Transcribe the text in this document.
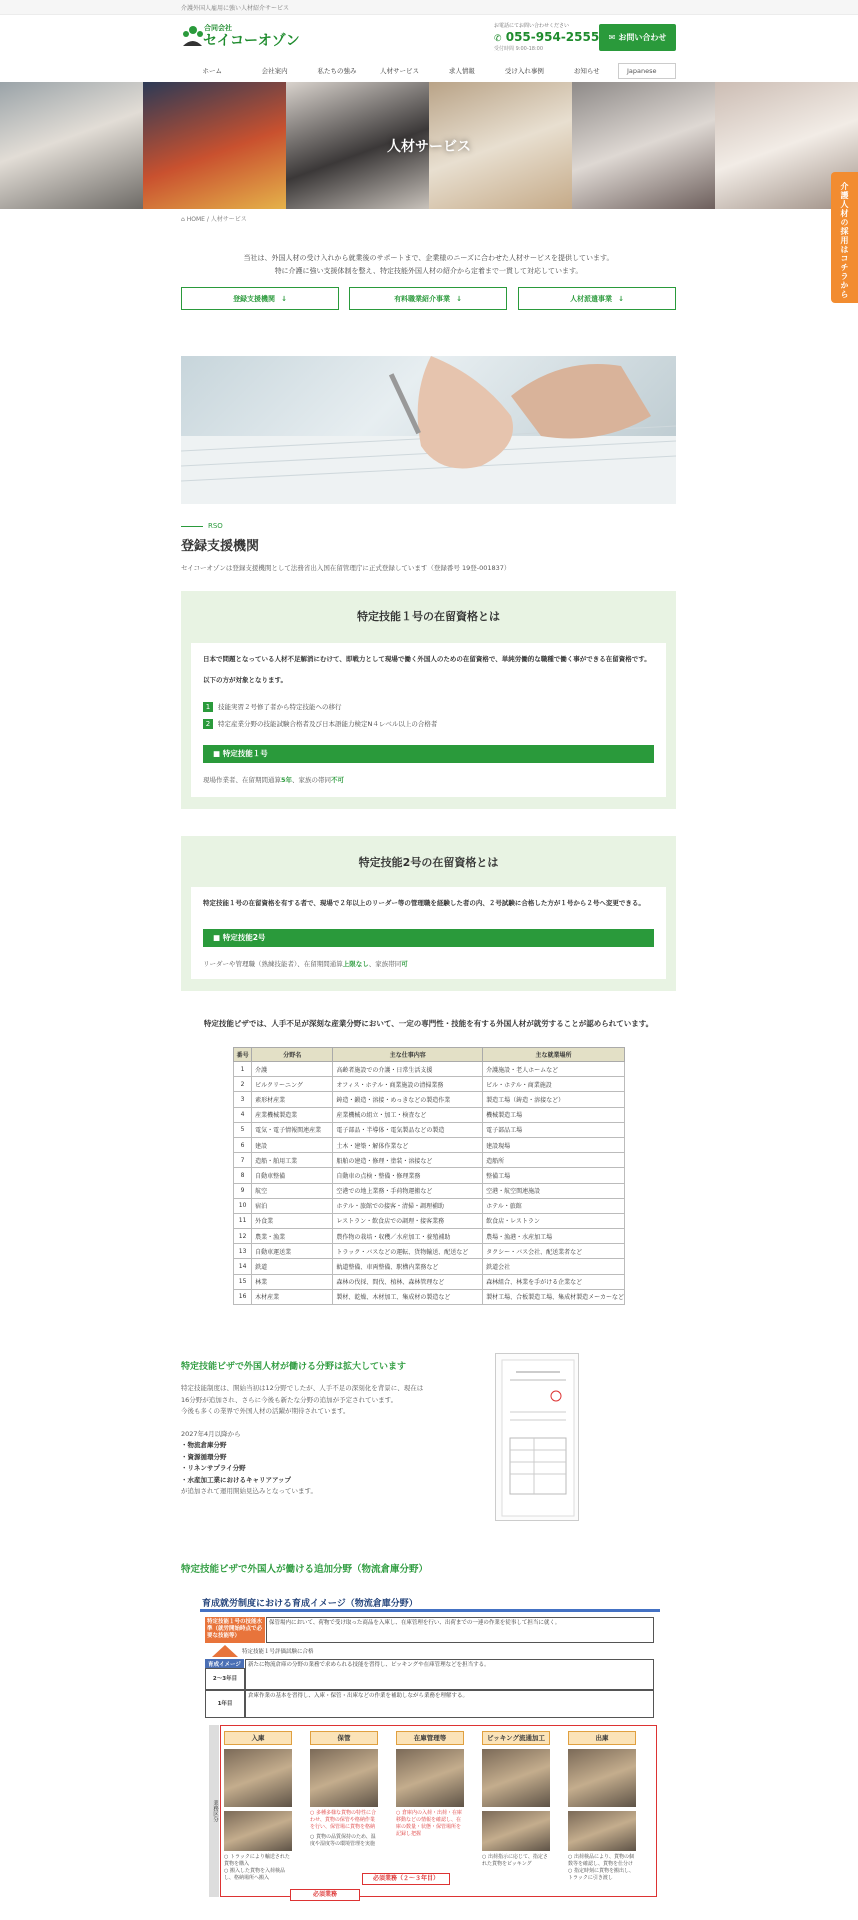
介護外国人雇用に強い人材紹介サービス
合同会社
セイコーオゾン
お電話にてお問い合わせください
✆ 055-954-2555
受付時間 9:00-18:00
✉ お問い合わせ
ホーム	会社案内	私たちの強み	人材サービス	求人情報	受け入れ事例	お知らせ	Japanese
人材サービス
介護人材の採用はコチラから
⌂ HOME / 人材サービス
当社は、外国人材の受け入れから就業後のサポートまで、企業様のニーズに合わせた人材サービスを提供しています。
特に介護に強い支援体制を整え、特定技能外国人材の紹介から定着まで一貫して対応しています。
登録支援機関 ↓	有料職業紹介事業 ↓	人材派遣事業 ↓
RSO
登録支援機関
セイコーオゾンは登録支援機関として法務省出入国在留管理庁に正式登録しています（登録番号 19登-001837）
特定技能１号の在留資格とは
日本で問題となっている人材不足解消にむけて、即戦力として現場で働く外国人のための在留資格で、単純労働的な職種で働く事ができる在留資格です。
以下の方が対象となります。
1 技能実習２号修了者から特定技能への移行
2 特定産業分野の技能試験合格者及び日本語能力検定N４レベル以上の合格者
■ 特定技能１号
現場作業者、在留期間通算5年、家族の帯同不可
特定技能2号の在留資格とは
特定技能１号の在留資格を有する者で、現場で２年以上のリーダー等の管理職を経験した者の内、２号試験に合格した方が１号から２号へ変更できる。
■ 特定技能2号
リーダーや管理職（熟練技能者）、在留期間通算上限なし、家族帯同可
特定技能ビザでは、人手不足が深刻な産業分野において、一定の専門性・技能を有する外国人材が就労することが認められています。
番号	分野名	主な仕事内容	主な就業場所
1	介護	高齢者施設での介護・日常生活支援	介護施設・老人ホームなど
2	ビルクリーニング	オフィス・ホテル・商業施設の清掃業務	ビル・ホテル・商業施設
3	素形材産業	鋳造・鍛造・溶接・めっきなどの製造作業	製造工場（鋳造・溶接など）
4	産業機械製造業	産業機械の組立・加工・検査など	機械製造工場
5	電気・電子情報関連産業	電子部品・半導体・電気製品などの製造	電子部品工場
6	建設	土木・建築・解体作業など	建設現場
7	造船・舶用工業	船舶の建造・修理・塗装・溶接など	造船所
8	自動車整備	自動車の点検・整備・修理業務	整備工場
9	航空	空港での地上業務・手荷物運搬など	空港・航空関連施設
10	宿泊	ホテル・旅館での接客・清掃・調理補助	ホテル・旅館
11	外食業	レストラン・飲食店での調理・接客業務	飲食店・レストラン
12	農業・漁業	農作物の栽培・収穫／水産加工・養殖補助	農場・漁港・水産加工場
13	自動車運送業	トラック・バスなどの運転、貨物輸送、配送など	タクシー・バス会社、配送業者など
14	鉄道	軌道整備、車両整備、駅構内業務など	鉄道会社
15	林業	森林の伐採、間伐、植林、森林管理など	森林組合、林業を手がける企業など
16	木材産業	製材、乾燥、木材加工、集成材の製造など	製材工場、合板製造工場、集成材製造メーカーなど
特定技能ビザで外国人材が働ける分野は拡大しています
特定技能制度は、開始当初は12分野でしたが、人手不足の深刻化を背景に、現在は16分野が追加され、さらに今後も新たな分野の追加が予定されています。
今後も多くの業界で外国人材の活躍が期待されています。
2027年4月以降から
・物流倉庫分野
・資源循環分野
・リネンサプライ分野
・水産加工業におけるキャリアアップ
が追加されて運用開始見込みとなっています。
特定技能ビザで外国人が働ける追加分野（物流倉庫分野）
育成就労制度における育成イメージ（物流倉庫分野）
特定技能１号の技能水準（就労開始時点で必要な技能等）
保管場内において、荷物で受け取った商品を入庫し、在庫管理を行い、出荷までの一連の作業を従事して担当に就く。
特定技能１号評価試験に合格
育成イメージ
2〜3年目
新たに物流倉庫の分野の業務で求められる技能を習得し、ピッキングや在庫管理などを担当する。
1年目
倉庫作業の基本を習得し、入庫・保管・出庫などの作業を補助しながら業務を理解する。
業務区分
入庫
○ トラックにより輸送された貨物を購入
○ 搬入した貨物を入荷検品し、格納場所へ搬入
保管
○ 多種多様な貨物の特性に合わせ、貨物の保管や格納作業を行い、保管場に貨物を格納
○ 貨物の品質保持のため、温度や湿度等の環境管理を実施
在庫管理等
○ 倉庫内の入荷・出荷・在庫移動などの情報を確認し、在庫の数量・状態・保管場所を記録し把握
ピッキング流通加工
○ 出荷指示に応じて、指定された貨物をピッキング
出庫
○ 出荷検品により、貨物の個数等を確認し、貨物を仕分け
○ 指定時刻に貨物を搬出し、トラックに引き渡し
必須業務（２〜３年目）
必須業務
